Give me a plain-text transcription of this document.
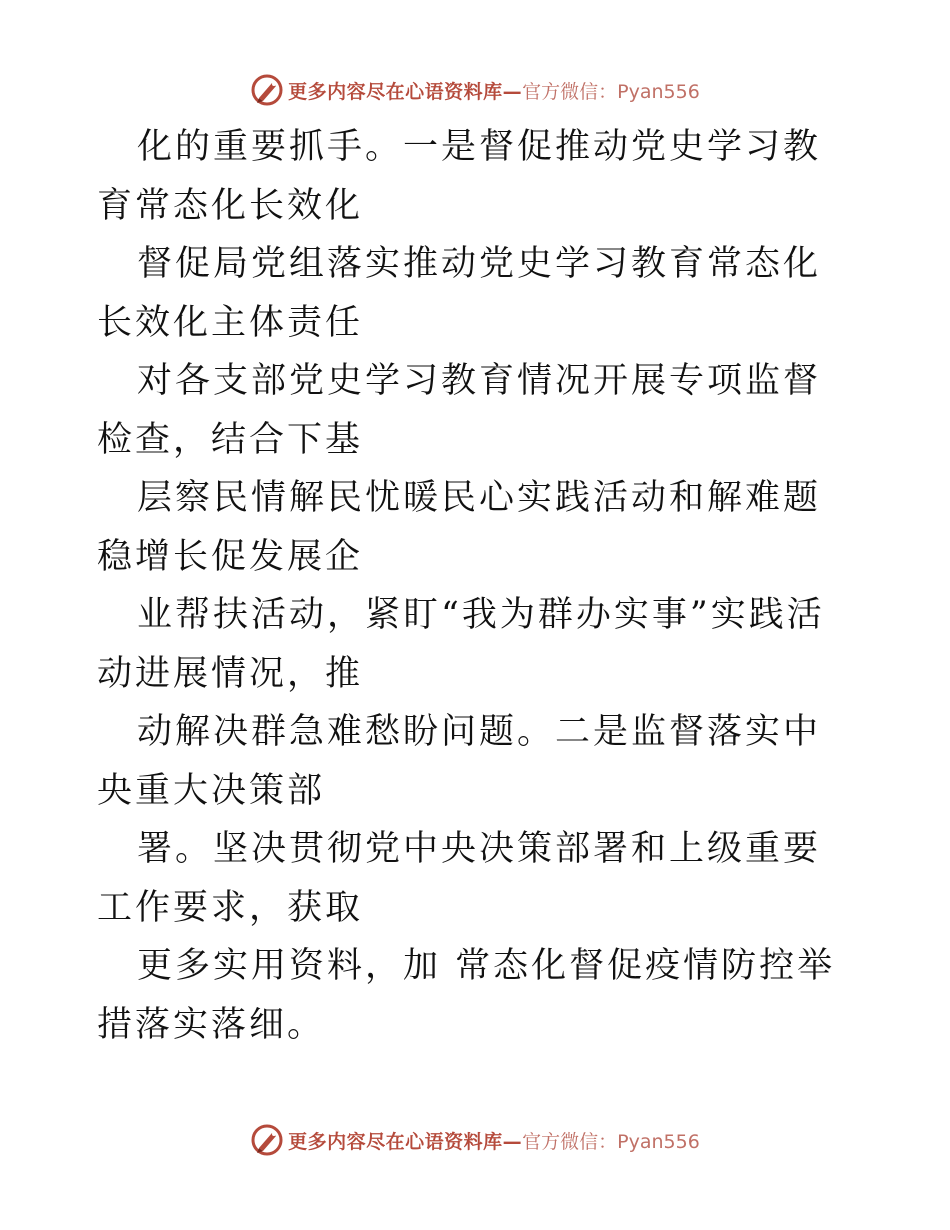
更多内容尽在心语资料库— 官方微信：Pyan556

化的重要抓手。一是督促推动党史学习教育常态化长效化

督促局党组落实推动党史学习教育常态化长效化主体责任

对各支部党史学习教育情况开展专项监督检查，结合下基

层察民情解民忧暖民心实践活动和解难题稳增长促发展企

业帮扶活动，紧盯“我为群办实事”实践活动进展情况，推

动解决群急难愁盼问题。二是监督落实中央重大决策部

署。坚决贯彻党中央决策部署和上级重要工作要求，获取

更多实用资料，加 常态化督促疫情防控举措落实落细。

更多内容尽在心语资料库— 官方微信：Pyan556
